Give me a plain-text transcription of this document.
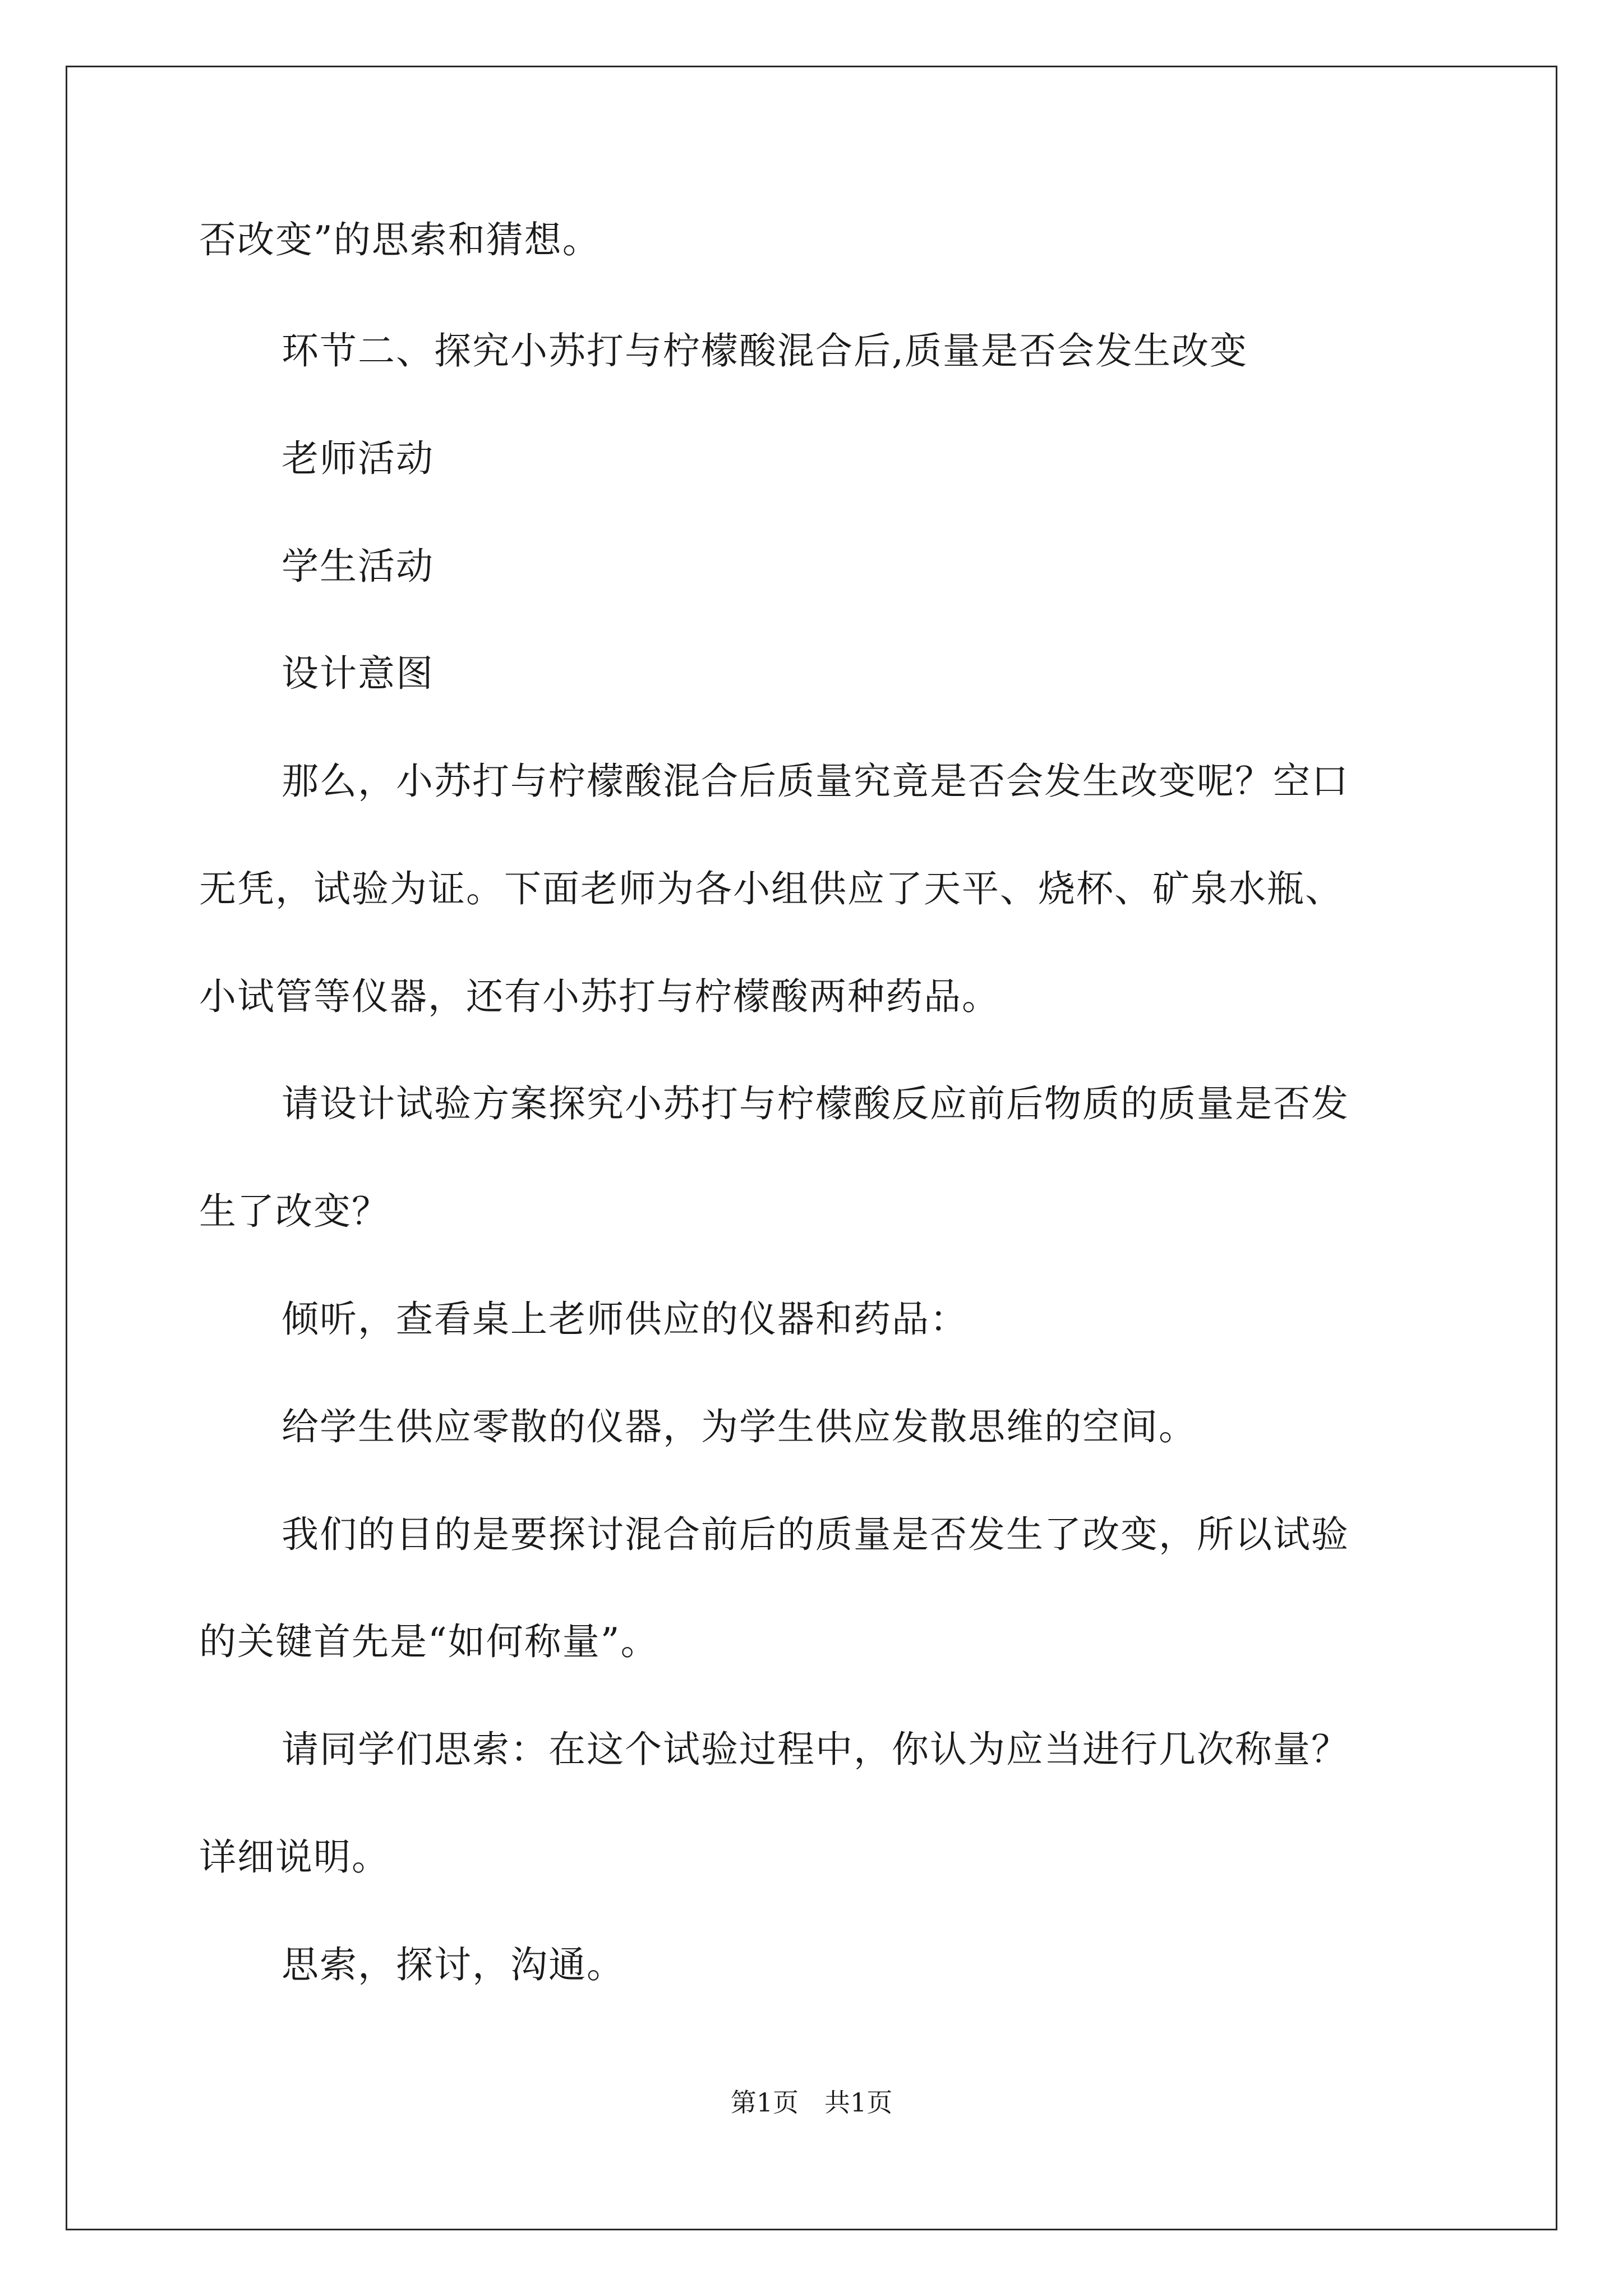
否改变”的思索和猜想。
环节二、探究小苏打与柠檬酸混合后,质量是否会发生改变
老师活动
学生活动
设计意图
那么，小苏打与柠檬酸混合后质量究竟是否会发生改变呢？空口
无凭，试验为证。下面老师为各小组供应了天平、烧杯、矿泉水瓶、
小试管等仪器，还有小苏打与柠檬酸两种药品。
请设计试验方案探究小苏打与柠檬酸反应前后物质的质量是否发
生了改变？
倾听，查看桌上老师供应的仪器和药品：
给学生供应零散的仪器，为学生供应发散思维的空间。
我们的目的是要探讨混合前后的质量是否发生了改变，所以试验
的关键首先是“如何称量”。
请同学们思索：在这个试验过程中，你认为应当进行几次称量？
详细说明。
思索，探讨，沟通。
第1页　共1页
